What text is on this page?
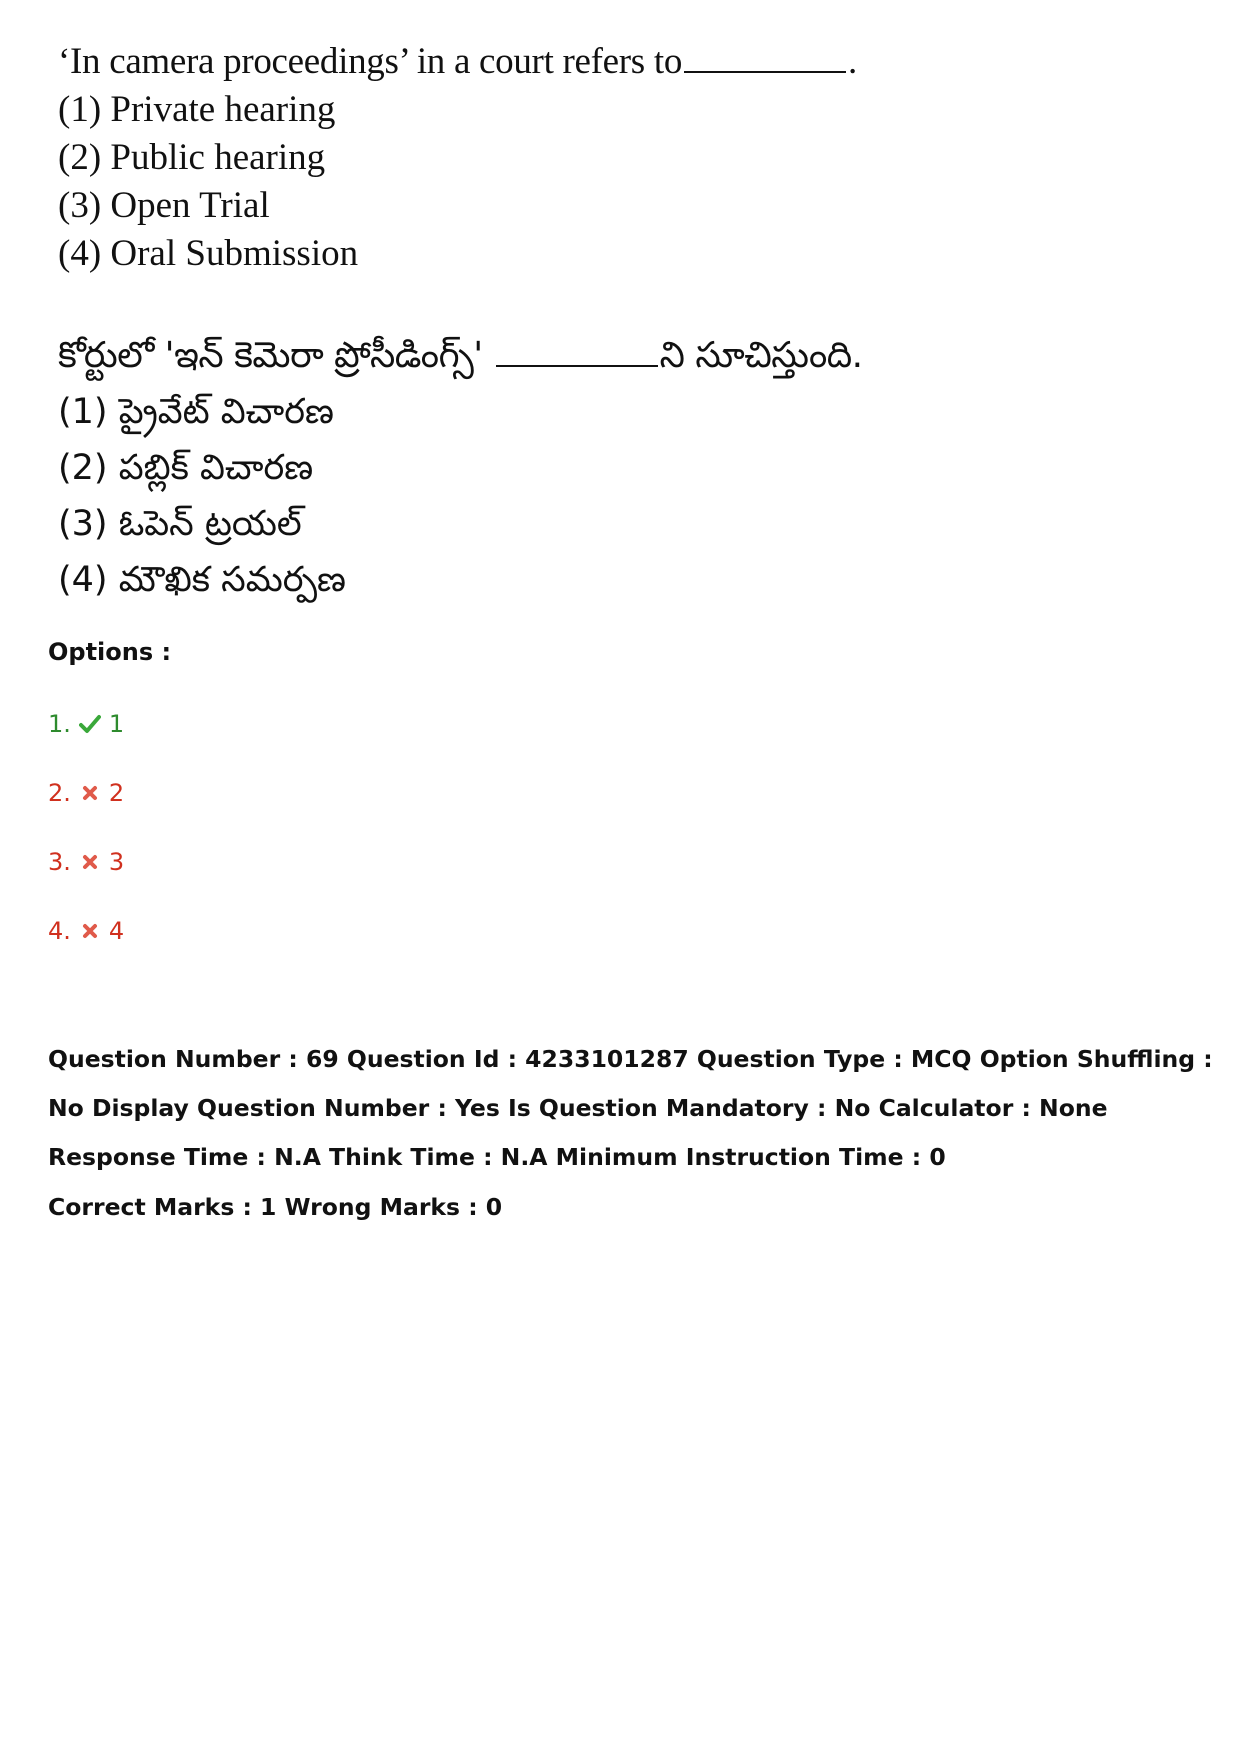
‘In camera proceedings’ in a court refers to	.
(1) Private hearing
(2) Public hearing
(3) Open Trial
(4) Oral Submission
కోర్టులో 'ఇన్ కెమెరా ప్రోసీడింగ్స్'	ని సూచిస్తుంది.
(1) ప్రైవేట్ విచారణ
(2) పబ్లిక్ విచారణ
(3) ఓపెన్ ట్రయల్
(4) మౌఖిక సమర్పణ
Options :
1. 1
2. 2
3. 3
4. 4
Question Number : 69 Question Id : 4233101287 Question Type : MCQ Option Shuffling : No Display Question Number : Yes Is Question Mandatory : No Calculator : None Response Time : N.A Think Time : N.A Minimum Instruction Time : 0
Correct Marks : 1 Wrong Marks : 0
